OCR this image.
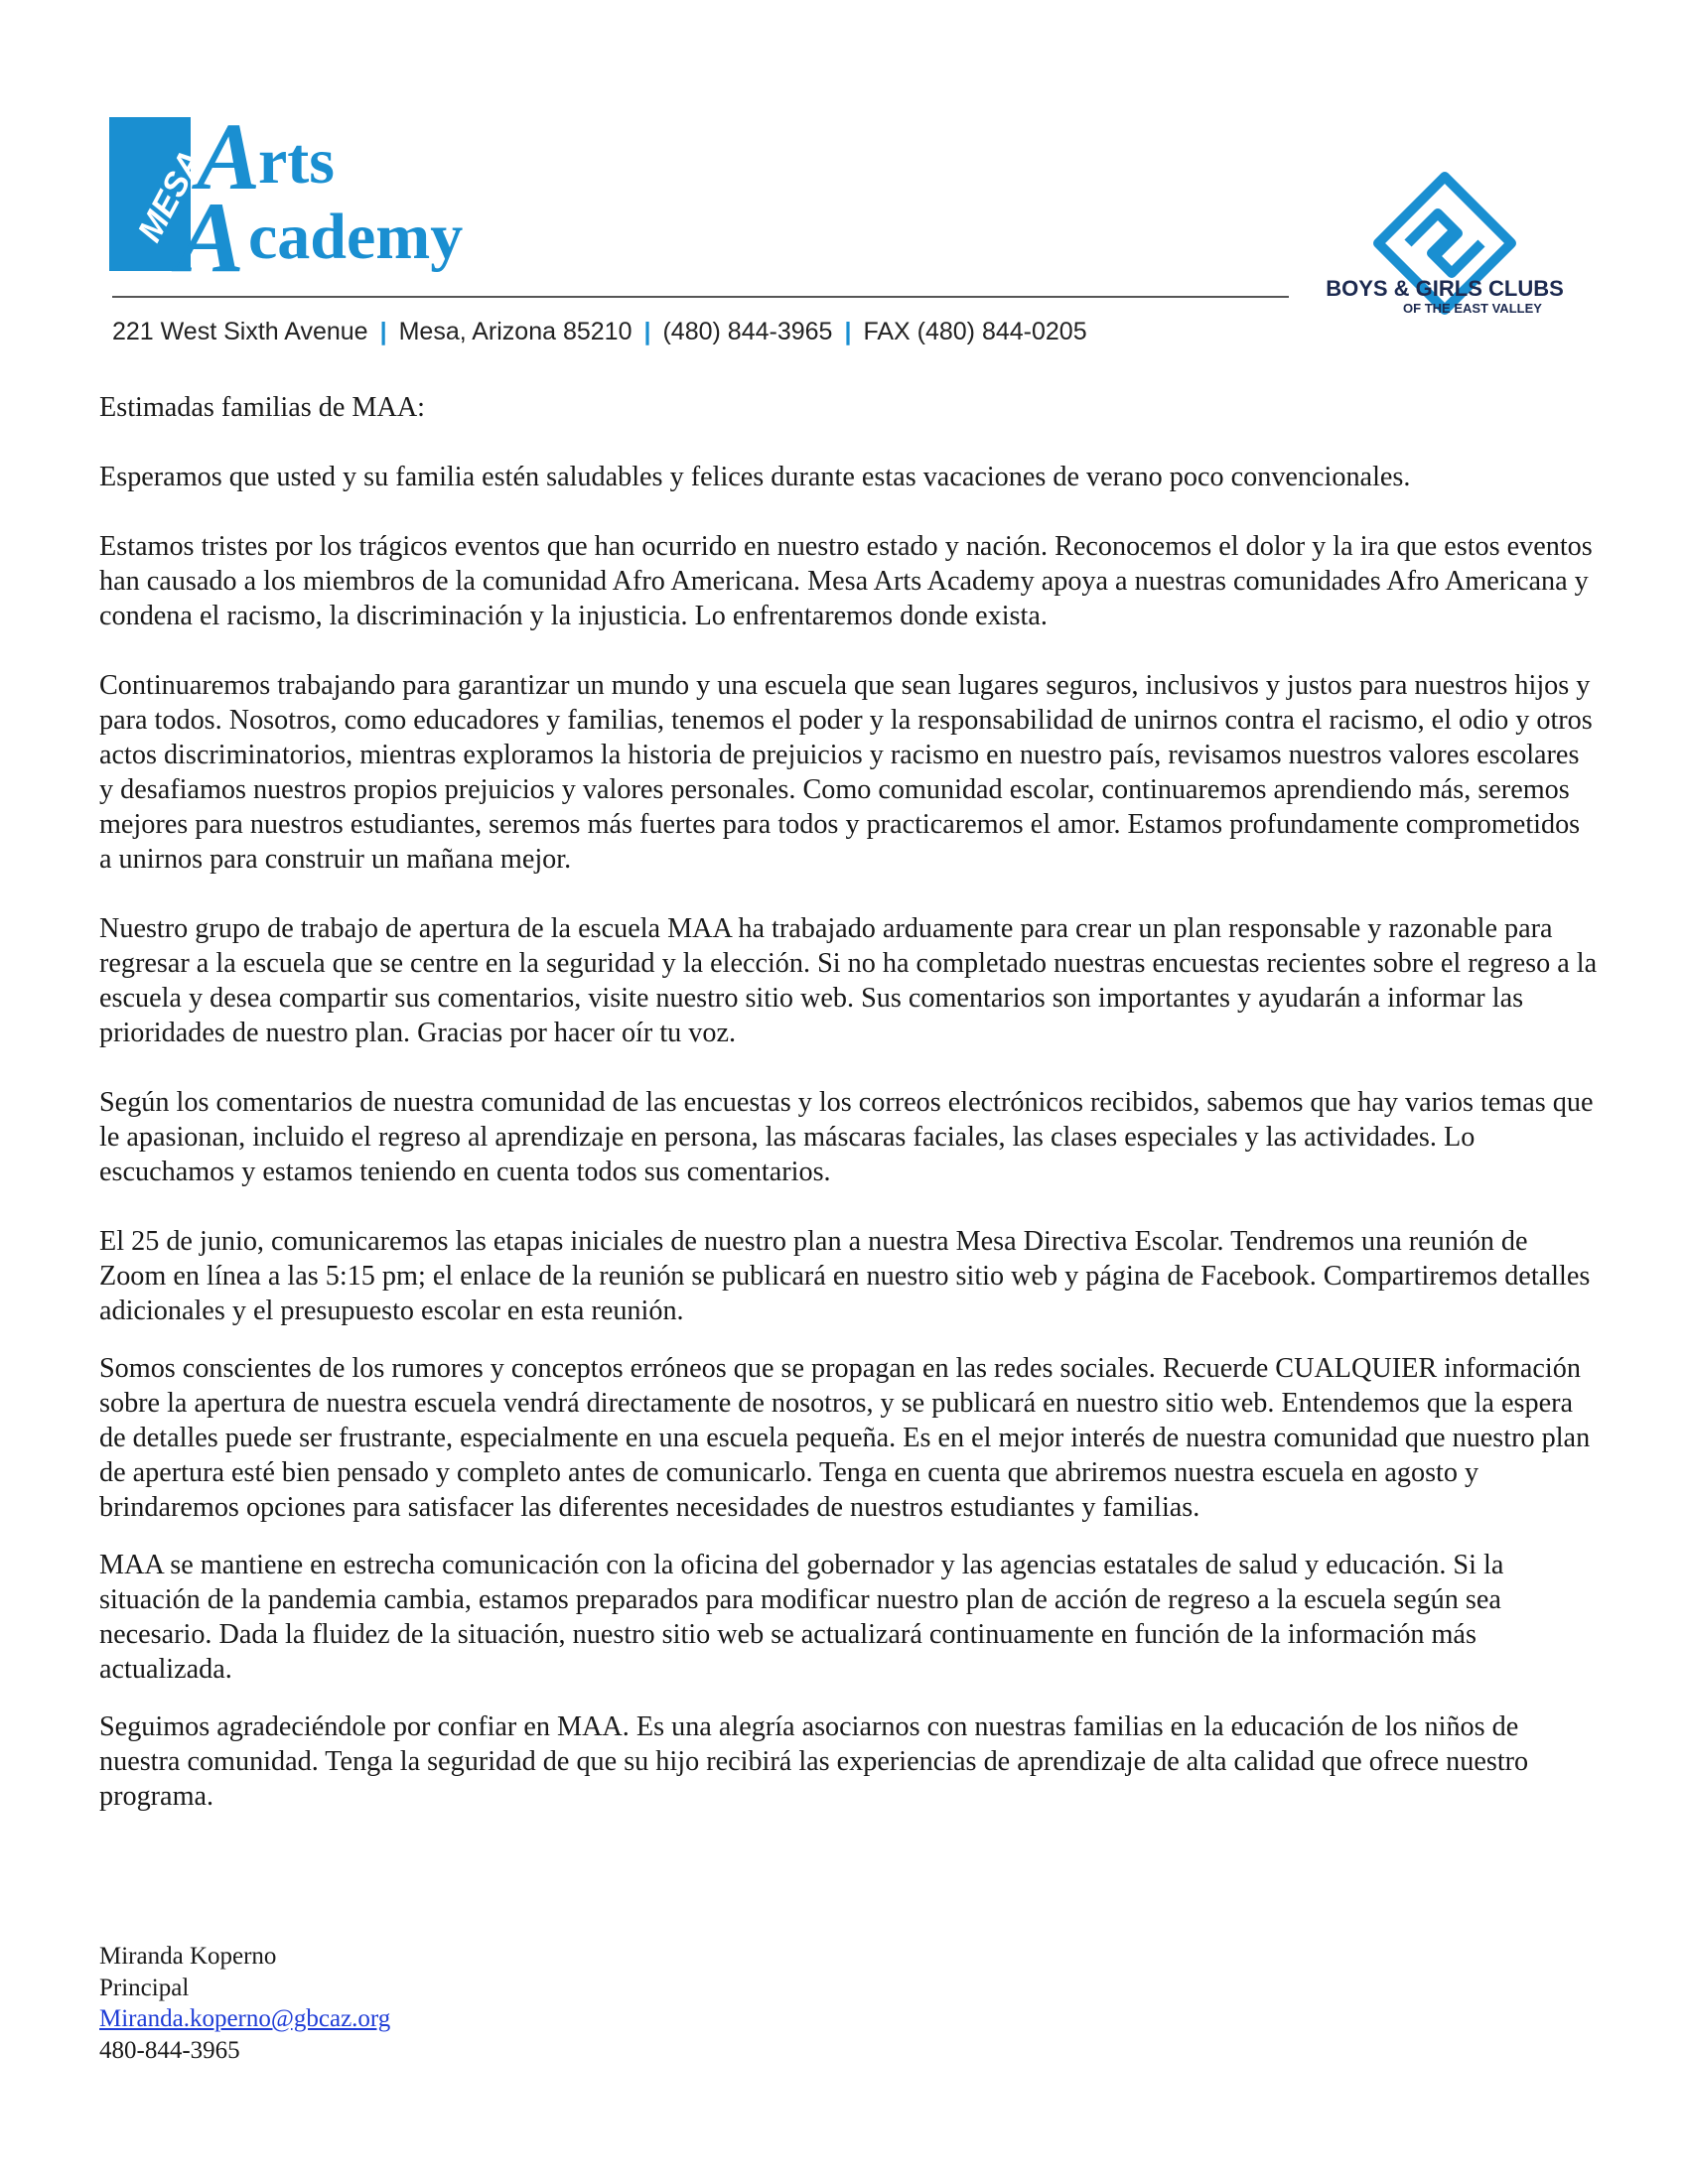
MESA
A
rts
A cademy
BOYS & GIRLS CLUBS
OF THE EAST VALLEY
221 West Sixth Avenue | Mesa, Arizona 85210 | (480) 844-3965 | FAX (480) 844-0205

Estimadas familias de MAA:

Esperamos que usted y su familia estén saludables y felices durante estas vacaciones de verano poco convencionales.

Estamos tristes por los trágicos eventos que han ocurrido en nuestro estado y nación. Reconocemos el dolor y la ira que estos eventos han causado a los miembros de la comunidad Afro Americana. Mesa Arts Academy apoya a nuestras comunidades Afro Americana y condena el racismo, la discriminación y la injusticia. Lo enfrentaremos donde exista.

Continuaremos trabajando para garantizar un mundo y una escuela que sean lugares seguros, inclusivos y justos para nuestros hijos y para todos. Nosotros, como educadores y familias, tenemos el poder y la responsabilidad de unirnos contra el racismo, el odio y otros actos discriminatorios, mientras exploramos la historia de prejuicios y racismo en nuestro país, revisamos nuestros valores escolares y desafiamos nuestros propios prejuicios y valores personales. Como comunidad escolar, continuaremos aprendiendo más, seremos mejores para nuestros estudiantes, seremos más fuertes para todos y practicaremos el amor. Estamos profundamente comprometidos a unirnos para construir un mañana mejor.

Nuestro grupo de trabajo de apertura de la escuela MAA ha trabajado arduamente para crear un plan responsable y razonable para regresar a la escuela que se centre en la seguridad y la elección. Si no ha completado nuestras encuestas recientes sobre el regreso a la escuela y desea compartir sus comentarios, visite nuestro sitio web. Sus comentarios son importantes y ayudarán a informar las prioridades de nuestro plan. Gracias por hacer oír tu voz.

Según los comentarios de nuestra comunidad de las encuestas y los correos electrónicos recibidos, sabemos que hay varios temas que le apasionan, incluido el regreso al aprendizaje en persona, las máscaras faciales, las clases especiales y las actividades. Lo escuchamos y estamos teniendo en cuenta todos sus comentarios.

El 25 de junio, comunicaremos las etapas iniciales de nuestro plan a nuestra Mesa Directiva Escolar. Tendremos una reunión de Zoom en línea a las 5:15 pm; el enlace de la reunión se publicará en nuestro sitio web y página de Facebook. Compartiremos detalles adicionales y el presupuesto escolar en esta reunión.

Somos conscientes de los rumores y conceptos erróneos que se propagan en las redes sociales. Recuerde CUALQUIER información sobre la apertura de nuestra escuela vendrá directamente de nosotros, y se publicará en nuestro sitio web. Entendemos que la espera de detalles puede ser frustrante, especialmente en una escuela pequeña. Es en el mejor interés de nuestra comunidad que nuestro plan de apertura esté bien pensado y completo antes de comunicarlo. Tenga en cuenta que abriremos nuestra escuela en agosto y brindaremos opciones para satisfacer las diferentes necesidades de nuestros estudiantes y familias.

MAA se mantiene en estrecha comunicación con la oficina del gobernador y las agencias estatales de salud y educación. Si la situación de la pandemia cambia, estamos preparados para modificar nuestro plan de acción de regreso a la escuela según sea necesario. Dada la fluidez de la situación, nuestro sitio web se actualizará continuamente en función de la información más actualizada.

Seguimos agradeciéndole por confiar en MAA. Es una alegría asociarnos con nuestras familias en la educación de los niños de nuestra comunidad. Tenga la seguridad de que su hijo recibirá las experiencias de aprendizaje de alta calidad que ofrece nuestro programa.

Miranda Koperno
Principal
Miranda.koperno@gbcaz.org
480-844-3965
